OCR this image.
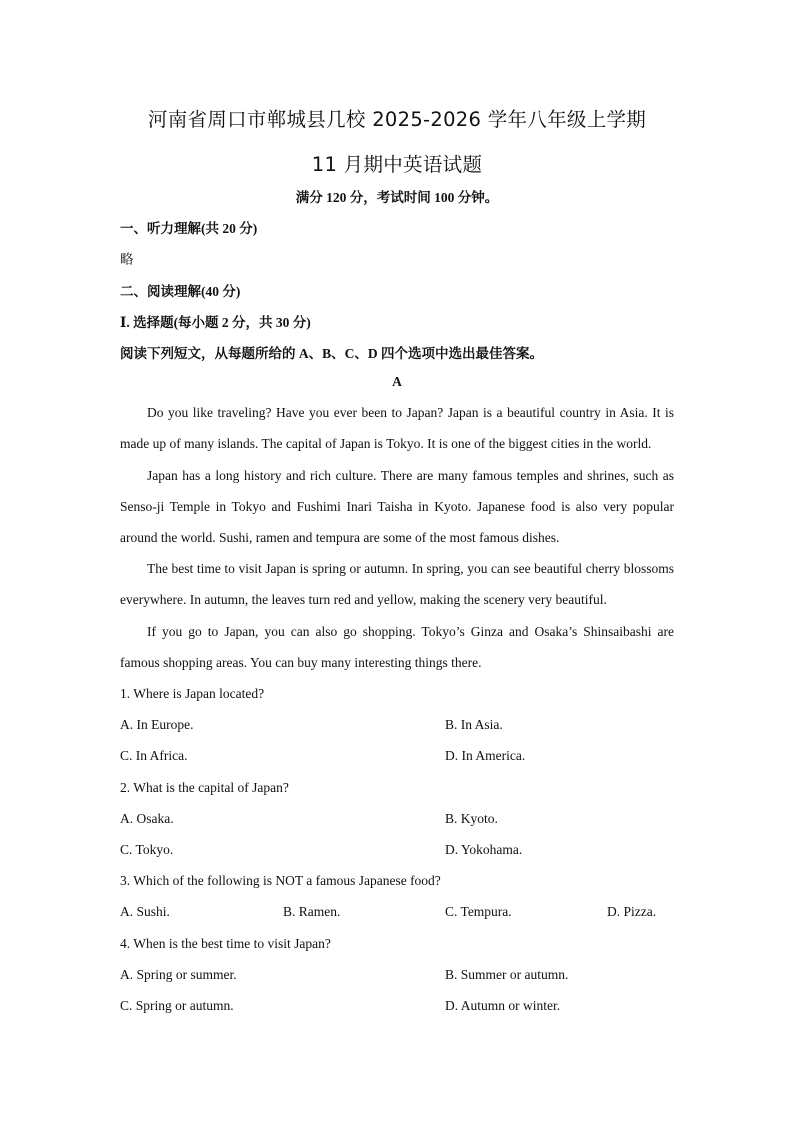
河南省周口市郸城县几校 2025-2026 学年八年级上学期
11 月期中英语试题
满分 120 分，考试时间 100 分钟。
一、听力理解(共 20 分)
略
二、阅读理解(40 分)
Ⅰ. 选择题(每小题 2 分，共 30 分)
阅读下列短文，从每题所给的 A、B、C、D 四个选项中选出最佳答案。
A

Do you like traveling? Have you ever been to Japan? Japan is a beautiful country in Asia. It is made up of many islands. The capital of Japan is Tokyo. It is one of the biggest cities in the world.

Japan has a long history and rich culture. There are many famous temples and shrines, such as Senso-ji Temple in Tokyo and Fushimi Inari Taisha in Kyoto. Japanese food is also very popular around the world. Sushi, ramen and tempura are some of the most famous dishes.

The best time to visit Japan is spring or autumn. In spring, you can see beautiful cherry blossoms everywhere. In autumn, the leaves turn red and yellow, making the scenery very beautiful.

If you go to Japan, you can also go shopping. Tokyo’s Ginza and Osaka’s Shinsaibashi are famous shopping areas. You can buy many interesting things there.

1. Where is Japan located?
A. In Europe.	B. In Asia.
C. In Africa.	D. In America.
2. What is the capital of Japan?
A. Osaka.	B. Kyoto.
C. Tokyo.	D. Yokohama.
3. Which of the following is NOT a famous Japanese food?
A. Sushi.	B. Ramen.	C. Tempura.	D. Pizza.
4. When is the best time to visit Japan?
A. Spring or summer.	B. Summer or autumn.
C. Spring or autumn.	D. Autumn or winter.
